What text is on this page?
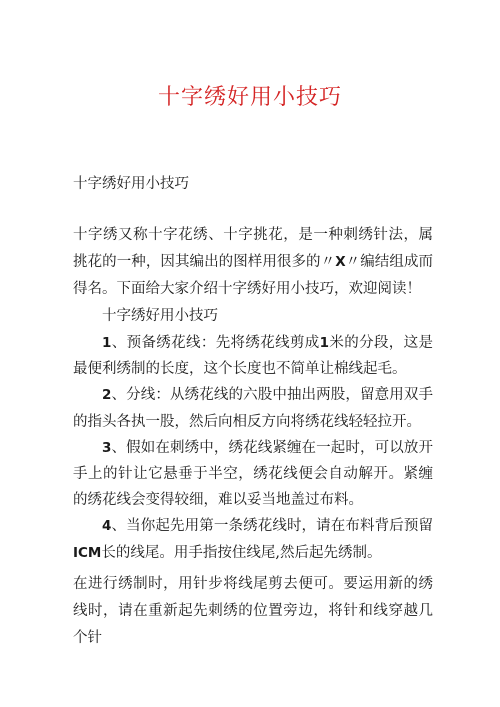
十字绣好用小技巧
十字绣好用小技巧

十字绣又称十字花绣、十字挑花，是一种刺绣针法，属挑花的一种，因其编出的图样用很多的〃X〃编结组成而得名。下面给大家介绍十字绣好用小技巧，欢迎阅读！

十字绣好用小技巧

1、预备绣花线：先将绣花线剪成1米的分段，这是最便利绣制的长度，这个长度也不简单让棉线起毛。

2、分线：从绣花线的六股中抽出两股，留意用双手的指头各执一股，然后向相反方向将绣花线轻轻拉开。

3、假如在刺绣中，绣花线紧缠在一起时，可以放开手上的针让它悬垂于半空，绣花线便会自动解开。紧缠的绣花线会变得较细，难以妥当地盖过布料。

4、当你起先用第一条绣花线时，请在布料背后预留ICM长的线尾。用手指按住线尾,然后起先绣制。

在进行绣制时，用针步将线尾剪去便可。要运用新的绣线时，请在重新起先刺绣的位置旁边，将针和线穿越几个针
